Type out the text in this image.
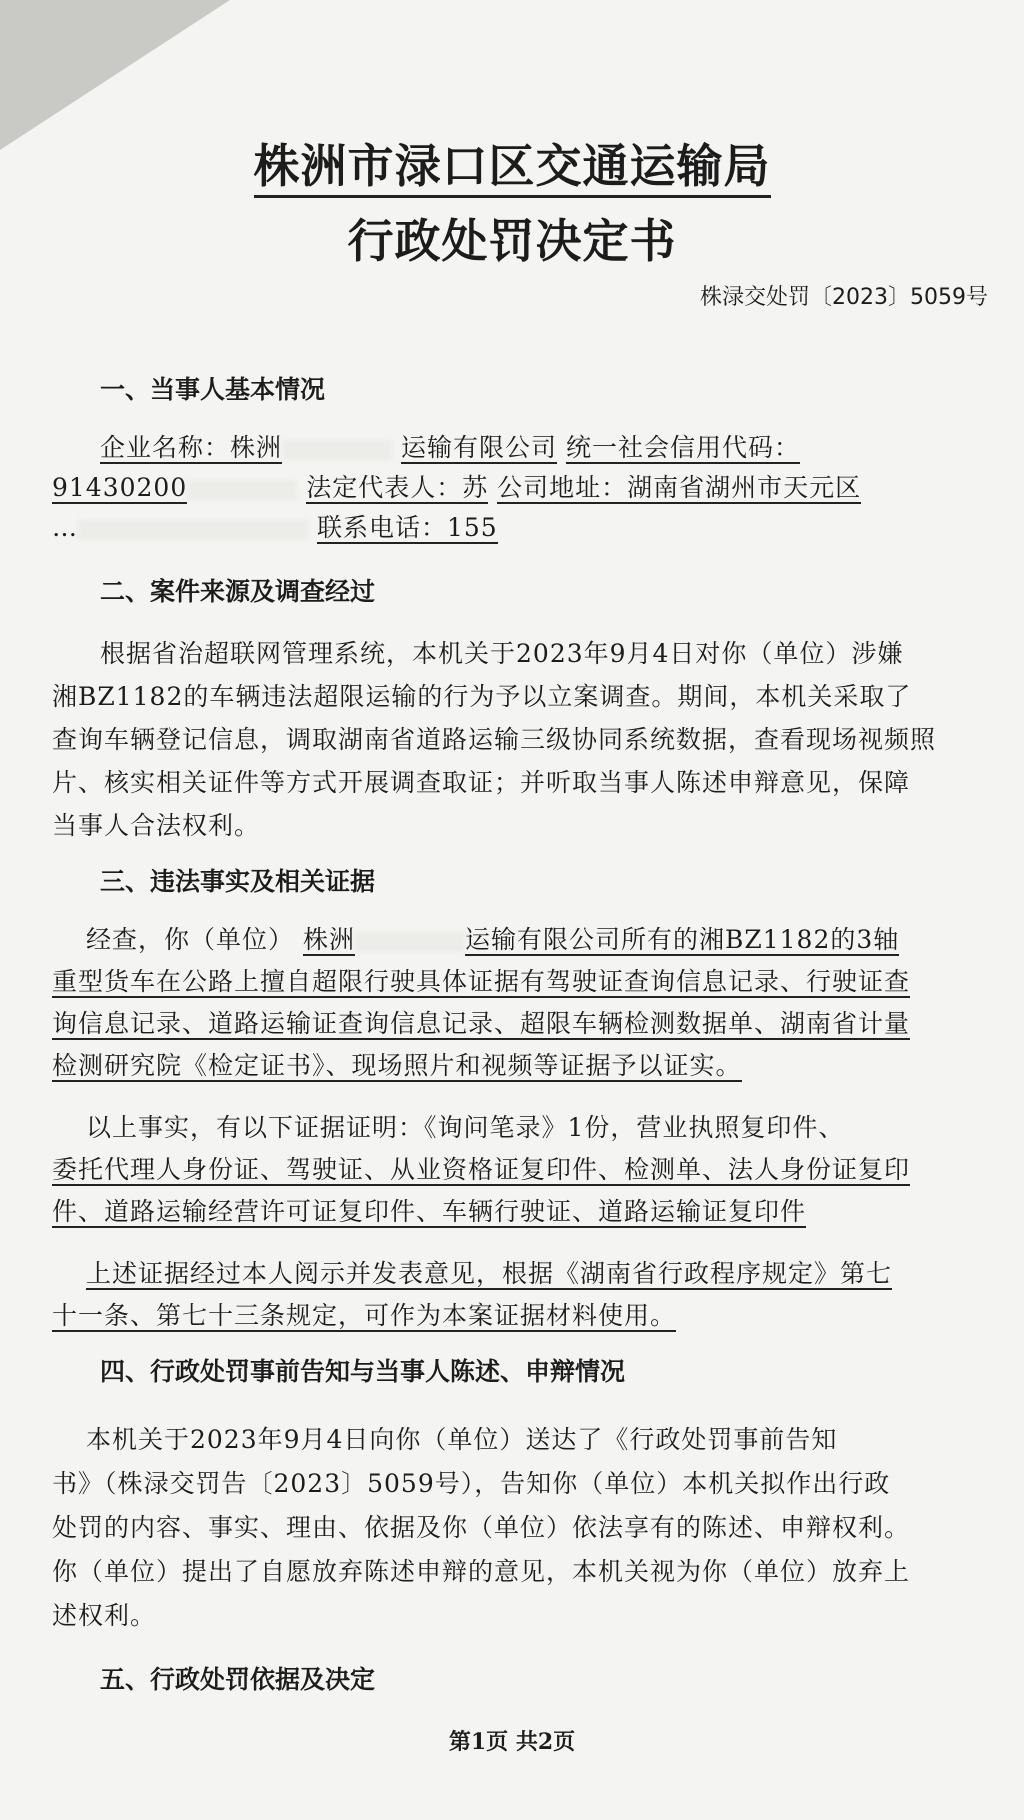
株洲市渌口区交通运输局
行政处罚决定书
株渌交处罚〔2023〕5059号
一、当事人基本情况
企业名称：株洲	运输有限公司 统一社会信用代码：
91430200	法定代表人：苏 公司地址：湖南省湖州市天元区
…	联系电话：155
二、案件来源及调查经过
根据省治超联网管理系统，本机关于2023年9月4日对你（单位）涉嫌
湘BZ1182的车辆违法超限运输的行为予以立案调查。期间，本机关采取了
查询车辆登记信息，调取湖南省道路运输三级协同系统数据，查看现场视频照
片、核实相关证件等方式开展调查取证；并听取当事人陈述申辩意见，保障
当事人合法权利。
三、违法事实及相关证据
经查，你（单位） 株洲	运输有限公司所有的湘BZ1182的3轴
重型货车在公路上擅自超限行驶具体证据有驾驶证查询信息记录、行驶证查
询信息记录、道路运输证查询信息记录、超限车辆检测数据单、湖南省计量
检测研究院《检定证书》、现场照片和视频等证据予以证实。
以上事实，有以下证据证明：《询问笔录》1份，营业执照复印件、
委托代理人身份证、驾驶证、从业资格证复印件、检测单、法人身份证复印
件、道路运输经营许可证复印件、车辆行驶证、道路运输证复印件
上述证据经过本人阅示并发表意见，根据《湖南省行政程序规定》第七
十一条、第七十三条规定，可作为本案证据材料使用。
四、行政处罚事前告知与当事人陈述、申辩情况
本机关于2023年9月4日向你（单位）送达了《行政处罚事前告知
书》（株渌交罚告〔2023〕5059号），告知你（单位）本机关拟作出行政
处罚的内容、事实、理由、依据及你（单位）依法享有的陈述、申辩权利。
你（单位）提出了自愿放弃陈述申辩的意见，本机关视为你（单位）放弃上
述权利。
五、行政处罚依据及决定
第1页 共2页
